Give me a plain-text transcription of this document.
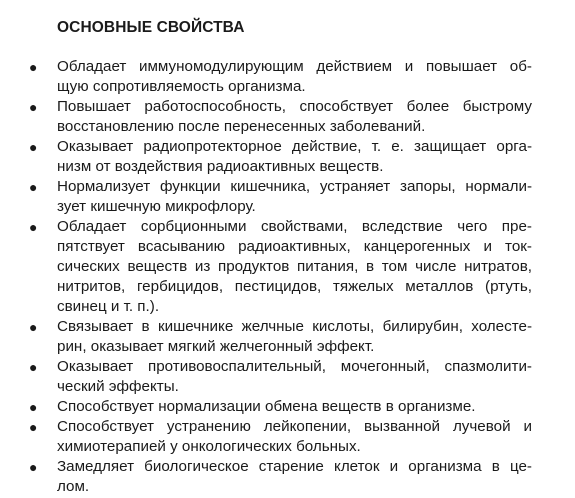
ОСНОВНЫЕ СВОЙСТВА
● Обладает иммуномодулирующим действием и повышает об-
щую сопротивляемость организма.
● Повышает работоспособность, способствует более быстрому
восстановлению после перенесенных заболеваний.
● Оказывает радиопротекторное действие, т. е. защищает орга-
низм от воздействия радиоактивных веществ.
● Нормализует функции кишечника, устраняет запоры, нормали-
зует кишечную микрофлору.
● Обладает сорбционными свойствами, вследствие чего пре-
пятствует всасыванию радиоактивных, канцерогенных и ток-
сических веществ из продуктов питания, в том числе нитратов,
нитритов, гербицидов, пестицидов, тяжелых металлов (ртуть,
свинец и т. п.).
● Связывает в кишечнике желчные кислоты, билирубин, холесте-
рин, оказывает мягкий желчегонный эффект.
● Оказывает противовоспалительный, мочегонный, спазмолити-
ческий эффекты.
● Способствует нормализации обмена веществ в организме.
● Способствует устранению лейкопении, вызванной лучевой и
химиотерапией у онкологических больных.
● Замедляет биологическое старение клеток и организма в це-
лом.
